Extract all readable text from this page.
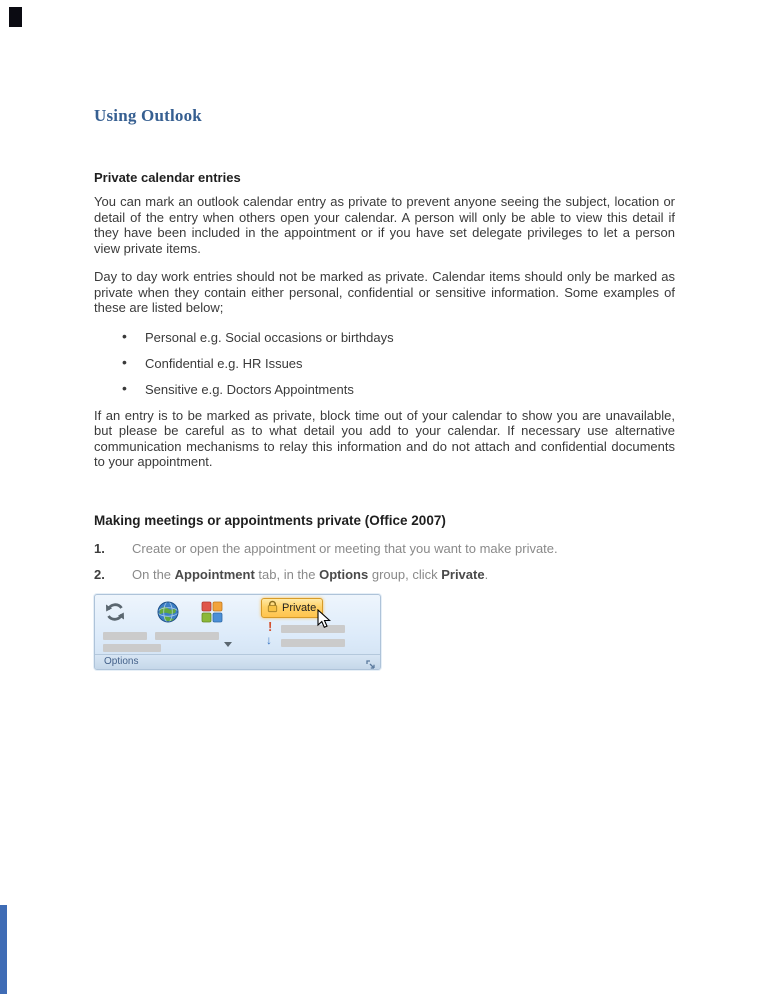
Using Outlook
Private calendar entries

You can mark an outlook calendar entry as private to prevent anyone seeing the subject, location or detail of the entry when others open your calendar. A person will only be able to view this detail if they have been included in the appointment or if you have set delegate privileges to let a person view private items.

Day to day work entries should not be marked as private. Calendar items should only be marked as private when they contain either personal, confidential or sensitive information. Some examples of these are listed below;

• Personal e.g. Social occasions or birthdays
• Confidential e.g. HR Issues
• Sensitive e.g. Doctors Appointments

If an entry is to be marked as private, block time out of your calendar to show you are unavailable, but please be careful as to what detail you add to your calendar. If necessary use alternative communication mechanisms to relay this information and do not attach and confidential documents to your appointment.

Making meetings or appointments private (Office 2007)
1.	Create or open the appointment or meeting that you want to make private.
2.	On the Appointment tab, in the Options group, click Private.
Private
!
↓
Options
